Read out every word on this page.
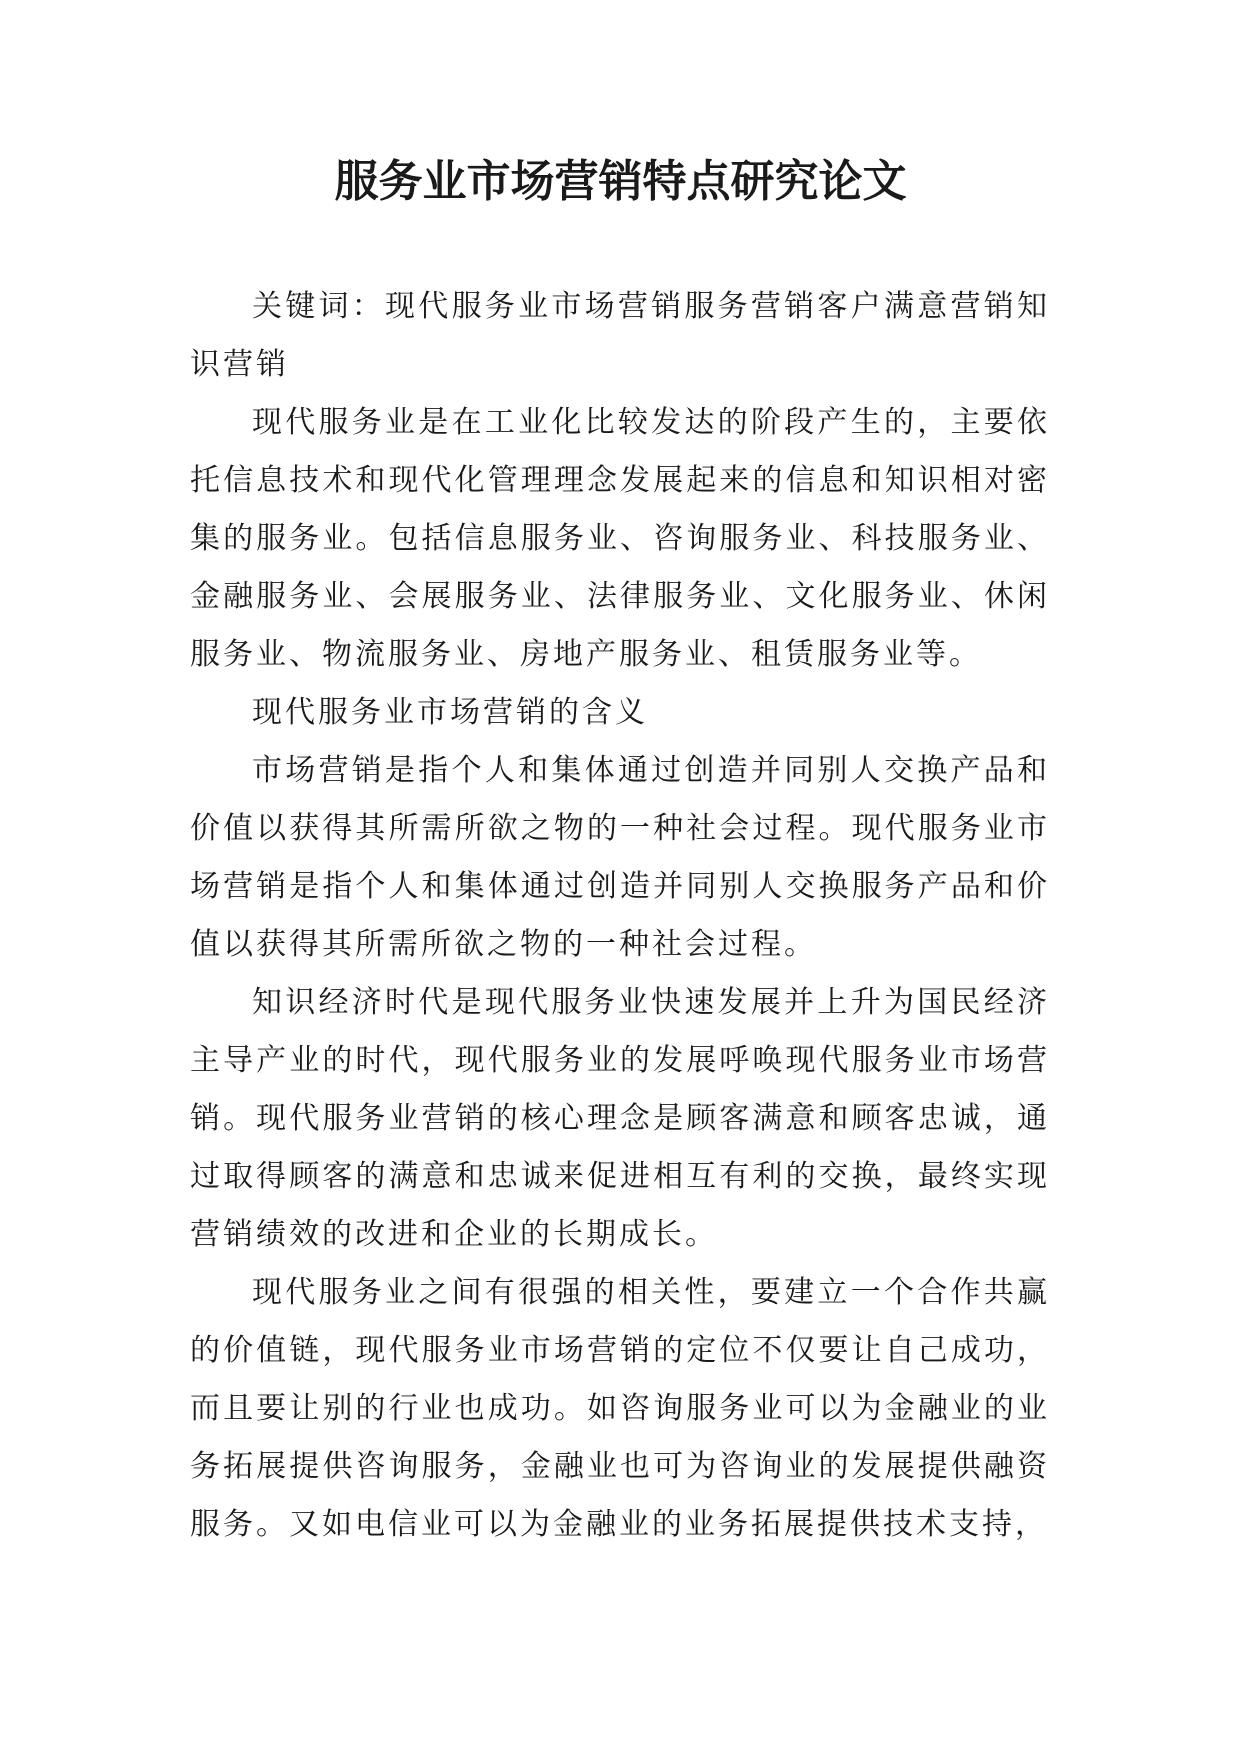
服务业市场营销特点研究论文

关键词：现代服务业市场营销服务营销客户满意营销知识营销

现代服务业是在工业化比较发达的阶段产生的，主要依托信息技术和现代化管理理念发展起来的信息和知识相对密集的服务业。包括信息服务业、咨询服务业、科技服务业、金融服务业、会展服务业、法律服务业、文化服务业、休闲服务业、物流服务业、房地产服务业、租赁服务业等。

现代服务业市场营销的含义

市场营销是指个人和集体通过创造并同别人交换产品和价值以获得其所需所欲之物的一种社会过程。现代服务业市场营销是指个人和集体通过创造并同别人交换服务产品和价值以获得其所需所欲之物的一种社会过程。

知识经济时代是现代服务业快速发展并上升为国民经济主导产业的时代，现代服务业的发展呼唤现代服务业市场营销。现代服务业营销的核心理念是顾客满意和顾客忠诚，通过取得顾客的满意和忠诚来促进相互有利的交换，最终实现营销绩效的改进和企业的长期成长。

现代服务业之间有很强的相关性，要建立一个合作共赢的价值链，现代服务业市场营销的定位不仅要让自己成功，而且要让别的行业也成功。如咨询服务业可以为金融业的业务拓展提供咨询服务，金融业也可为咨询业的发展提供融资服务。又如电信业可以为金融业的业务拓展提供技术支持，
